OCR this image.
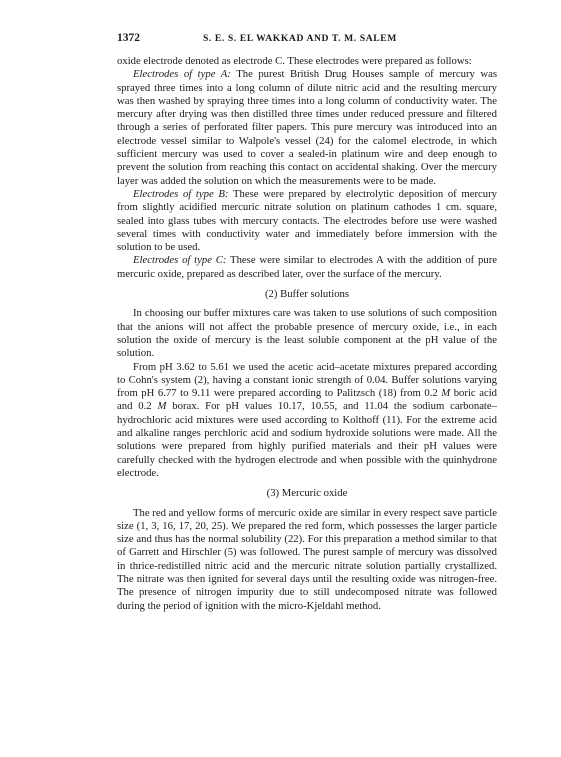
1372	S. E. S. EL WAKKAD AND T. M. SALEM

oxide electrode denoted as electrode C. These electrodes were prepared as follows:

Electrodes of type A: The purest British Drug Houses sample of mercury was sprayed three times into a long column of dilute nitric acid and the resulting mercury was then washed by spraying three times into a long column of conductivity water. The mercury after drying was then distilled three times under reduced pressure and filtered through a series of perforated filter papers. This pure mercury was introduced into an electrode vessel similar to Walpole's vessel (24) for the calomel electrode, in which sufficient mercury was used to cover a sealed-in platinum wire and deep enough to prevent the solution from reaching this contact on accidental shaking. Over the mercury layer was added the solution on which the measurements were to be made.

Electrodes of type B: These were prepared by electrolytic deposition of mercury from slightly acidified mercuric nitrate solution on platinum cathodes 1 cm. square, sealed into glass tubes with mercury contacts. The electrodes before use were washed several times with conductivity water and immediately before immersion with the solution to be used.

Electrodes of type C: These were similar to electrodes A with the addition of pure mercuric oxide, prepared as described later, over the surface of the mercury.

(2) Buffer solutions

In choosing our buffer mixtures care was taken to use solutions of such composition that the anions will not affect the probable presence of mercury oxide, i.e., in each solution the oxide of mercury is the least soluble component at the pH value of the solution.

From pH 3.62 to 5.61 we used the acetic acid–acetate mixtures prepared according to Cohn's system (2), having a constant ionic strength of 0.04. Buffer solutions varying from pH 6.77 to 9.11 were prepared according to Palitzsch (18) from 0.2 M boric acid and 0.2 M borax. For pH values 10.17, 10.55, and 11.04 the sodium carbonate–hydrochloric acid mixtures were used according to Kolthoff (11). For the extreme acid and alkaline ranges perchloric acid and sodium hydroxide solutions were made. All the solutions were prepared from highly purified materials and their pH values were carefully checked with the hydrogen electrode and when possible with the quinhydrone electrode.

(3) Mercuric oxide

The red and yellow forms of mercuric oxide are similar in every respect save particle size (1, 3, 16, 17, 20, 25). We prepared the red form, which possesses the larger particle size and thus has the normal solubility (22). For this preparation a method similar to that of Garrett and Hirschler (5) was followed. The purest sample of mercury was dissolved in thrice-redistilled nitric acid and the mercuric nitrate solution partially crystallized. The nitrate was then ignited for several days until the resulting oxide was nitrogen-free. The presence of nitrogen impurity due to still undecomposed nitrate was followed during the period of ignition with the micro-Kjeldahl method.
